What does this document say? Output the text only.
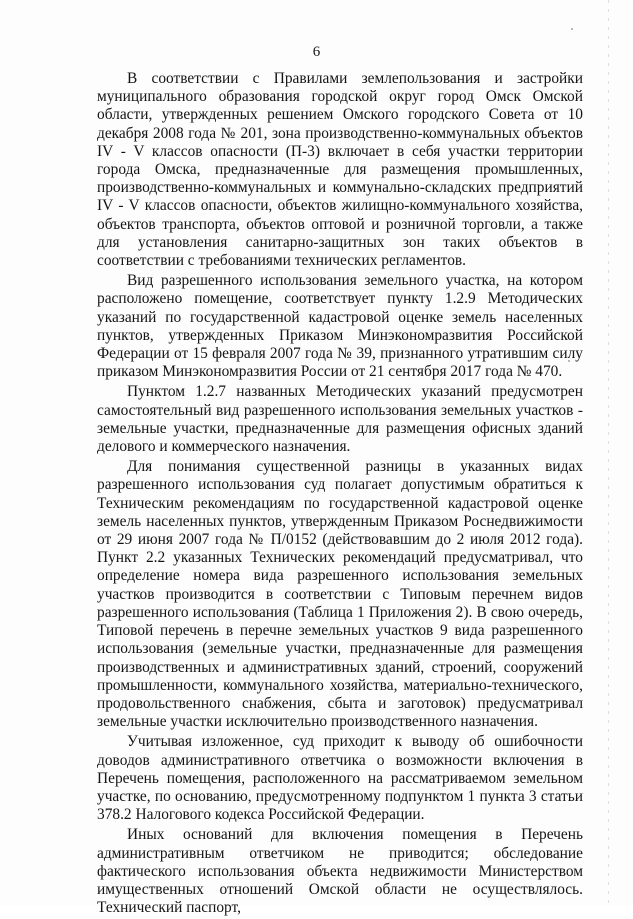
6

В соответствии с Правилами землепользования и застройки муниципального образования городской округ город Омск Омской области, утвержденных решением Омского городского Совета от 10 декабря 2008 года № 201, зона производственно-коммунальных объектов IV - V классов опасности (П-3) включает в себя участки территории города Омска, предназначенные для размещения промышленных, производственно-коммунальных и коммунально-складских предприятий IV - V классов опасности, объектов жилищно-коммунального хозяйства, объектов транспорта, объектов оптовой и розничной торговли, а также для установления санитарно-защитных зон таких объектов в соответствии с требованиями технических регламентов.

Вид разрешенного использования земельного участка, на котором расположено помещение, соответствует пункту 1.2.9 Методических указаний по государственной кадастровой оценке земель населенных пунктов, утвержденных Приказом Минэкономразвития Российской Федерации от 15 февраля 2007 года № 39, признанного утратившим силу приказом Минэкономразвития России от 21 сентября 2017 года № 470.

Пунктом 1.2.7 названных Методических указаний предусмотрен самостоятельный вид разрешенного использования земельных участков - земельные участки, предназначенные для размещения офисных зданий делового и коммерческого назначения.

Для понимания существенной разницы в указанных видах разрешенного использования суд полагает допустимым обратиться к Техническим рекомендациям по государственной кадастровой оценке земель населенных пунктов, утвержденным Приказом Роснедвижимости от 29 июня 2007 года № П/0152 (действовавшим до 2 июля 2012 года). Пункт 2.2 указанных Технических рекомендаций предусматривал, что определение номера вида разрешенного использования земельных участков производится в соответствии с Типовым перечнем видов разрешенного использования (Таблица 1 Приложения 2). В свою очередь, Типовой перечень в перечне земельных участков 9 вида разрешенного использования (земельные участки, предназначенные для размещения производственных и административных зданий, строений, сооружений промышленности, коммунального хозяйства, материально-технического, продовольственного снабжения, сбыта и заготовок) предусматривал земельные участки исключительно производственного назначения.

Учитывая изложенное, суд приходит к выводу об ошибочности доводов административного ответчика о возможности включения в Перечень помещения, расположенного на рассматриваемом земельном участке, по основанию, предусмотренному подпунктом 1 пункта 3 статьи 378.2 Налогового кодекса Российской Федерации.

Иных оснований для включения помещения в Перечень административным ответчиком не приводится; обследование фактического использования объекта недвижимости Министерством имущественных отношений Омской области не осуществлялось. Технический паспорт,
